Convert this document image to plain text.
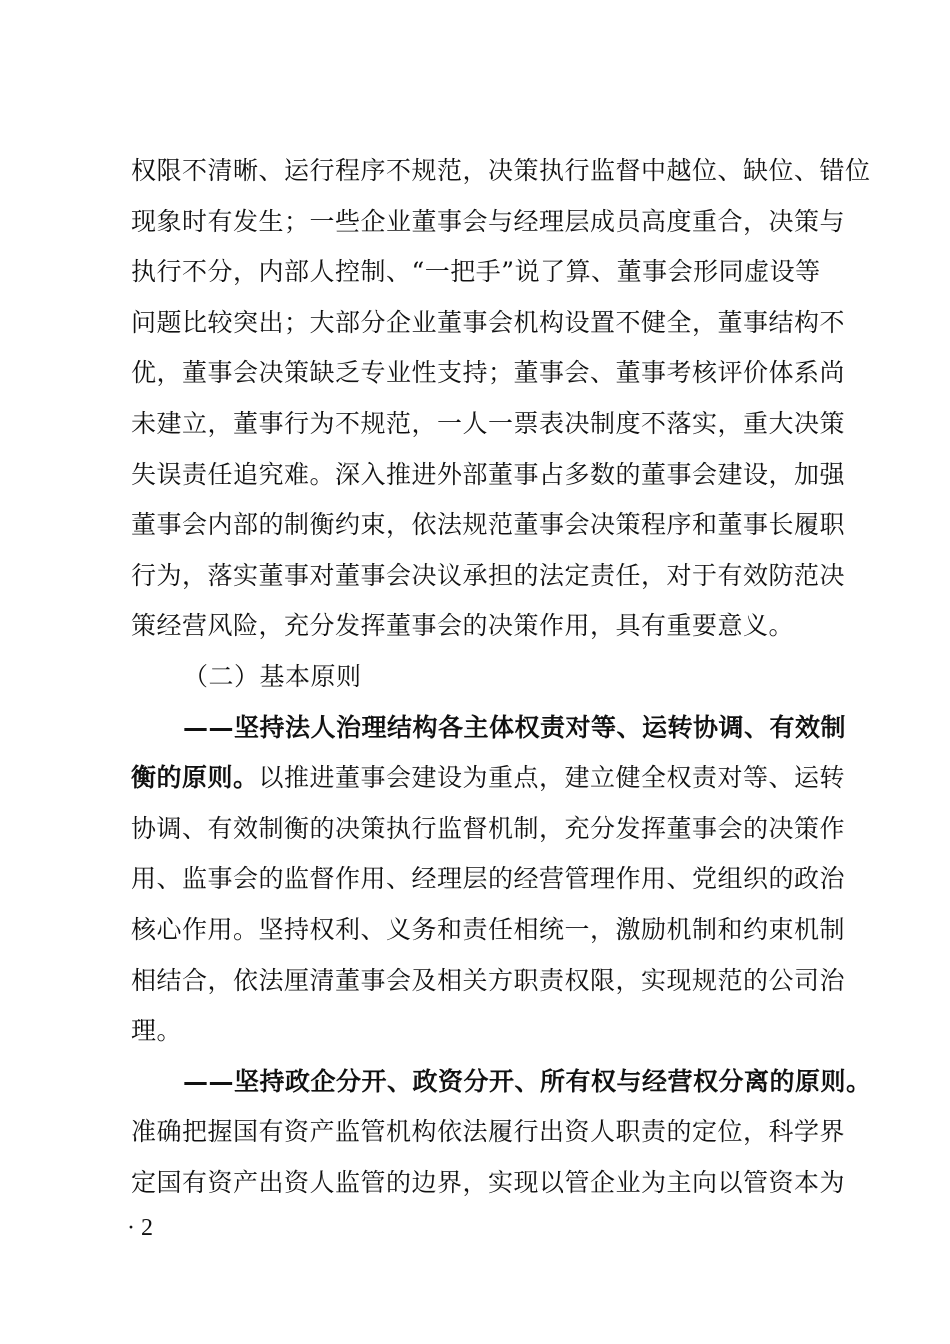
权限不清晰、运行程序不规范，决策执行监督中越位、缺位、错位
现象时有发生；一些企业董事会与经理层成员高度重合，决策与
执行不分，内部人控制、“一把手”说了算、董事会形同虚设等
问题比较突出；大部分企业董事会机构设置不健全，董事结构不
优，董事会决策缺乏专业性支持；董事会、董事考核评价体系尚
未建立，董事行为不规范，一人一票表决制度不落实，重大决策
失误责任追究难。深入推进外部董事占多数的董事会建设，加强
董事会内部的制衡约束，依法规范董事会决策程序和董事长履职
行为，落实董事对董事会决议承担的法定责任，对于有效防范决
策经营风险，充分发挥董事会的决策作用，具有重要意义。
（二）基本原则
——坚持法人治理结构各主体权责对等、运转协调、有效制
衡的原则。以推进董事会建设为重点，建立健全权责对等、运转
协调、有效制衡的决策执行监督机制，充分发挥董事会的决策作
用、监事会的监督作用、经理层的经营管理作用、党组织的政治
核心作用。坚持权利、义务和责任相统一，激励机制和约束机制
相结合，依法厘清董事会及相关方职责权限，实现规范的公司治
理。
——坚持政企分开、政资分开、所有权与经营权分离的原则。
准确把握国有资产监管机构依法履行出资人职责的定位，科学界
定国有资产出资人监管的边界，实现以管企业为主向以管资本为
· 2
